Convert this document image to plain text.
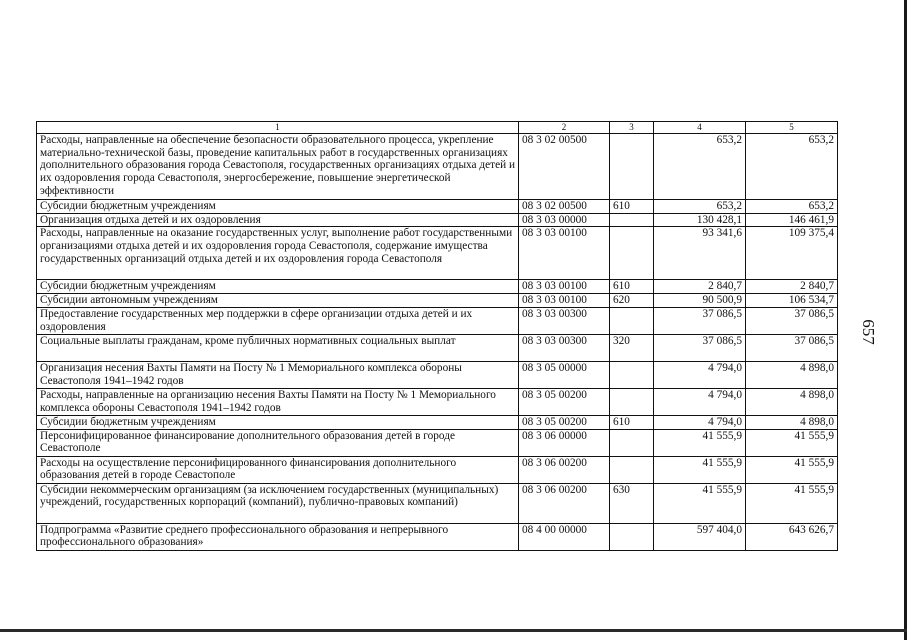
657
1	2	3	4	5
Расходы, направленные на обеспечение безопасности образовательного процесса, укрепление материально-технической базы, проведение капитальных работ в государственных организациях дополнительного образования города Севастополя, государственных организациях отдыха детей и их оздоровления города Севастополя, энергосбережение, повышение энергетической эффективности	08 3 02 00500		653,2	653,2
Субсидии бюджетным учреждениям	08 3 02 00500	610	653,2	653,2
Организация отдыха детей и их оздоровления	08 3 03 00000		130 428,1	146 461,9
Расходы, направленные на оказание государственных услуг, выполнение работ государственными организациями отдыха детей и их оздоровления города Севастополя, содержание имущества государственных организаций отдыха детей и их оздоровления города Севастополя	08 3 03 00100		93 341,6	109 375,4
Субсидии бюджетным учреждениям	08 3 03 00100	610	2 840,7	2 840,7
Субсидии автономным учреждениям	08 3 03 00100	620	90 500,9	106 534,7
Предоставление государственных мер поддержки в сфере организации отдыха детей и их оздоровления	08 3 03 00300		37 086,5	37 086,5
Социальные выплаты гражданам, кроме публичных нормативных социальных выплат	08 3 03 00300	320	37 086,5	37 086,5
Организация несения Вахты Памяти на Посту № 1 Мемориального комплекса обороны Севастополя 1941–1942 годов	08 3 05 00000		4 794,0	4 898,0
Расходы, направленные на организацию несения Вахты Памяти на Посту № 1 Мемориального комплекса обороны Севастополя 1941–1942 годов	08 3 05 00200		4 794,0	4 898,0
Субсидии бюджетным учреждениям	08 3 05 00200	610	4 794,0	4 898,0
Персонифицированное финансирование дополнительного образования детей в городе Севастополе	08 3 06 00000		41 555,9	41 555,9
Расходы на осуществление персонифицированного финансирования дополнительного образования детей в городе Севастополе	08 3 06 00200		41 555,9	41 555,9
Субсидии некоммерческим организациям (за исключением государственных (муниципальных) учреждений, государственных корпораций (компаний), публично-правовых компаний)	08 3 06 00200	630	41 555,9	41 555,9
Подпрограмма «Развитие среднего профессионального образования и непрерывного профессионального образования»	08 4 00 00000		597 404,0	643 626,7
